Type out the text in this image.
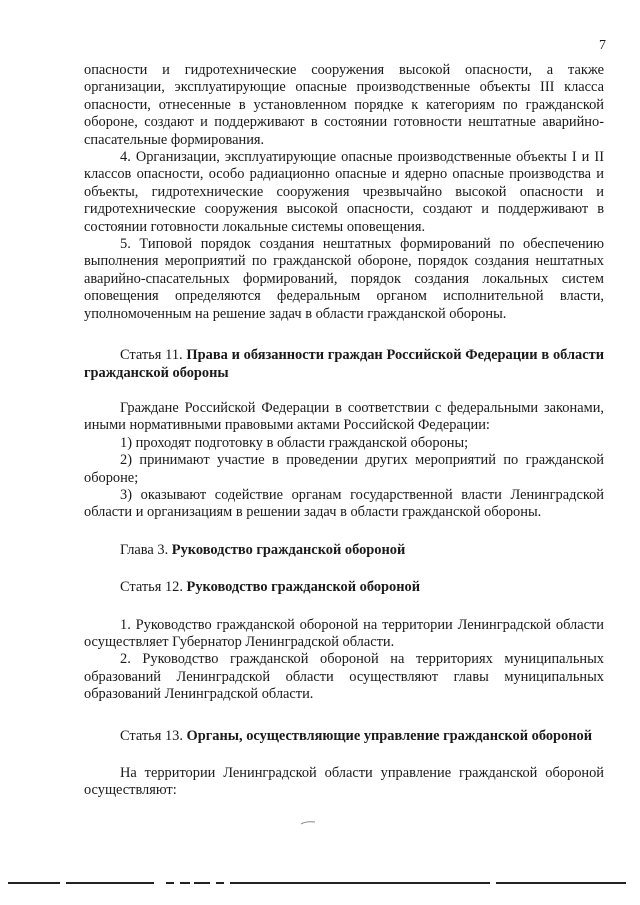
7

опасности и гидротехнические сооружения высокой опасности, а также организации, эксплуатирующие опасные производственные объекты III класса опасности, отнесенные в установленном порядке к категориям по гражданской обороне, создают и поддерживают в состоянии готовности нештатные аварийно-спасательные формирования.

4. Организации, эксплуатирующие опасные производственные объекты I и II классов опасности, особо радиационно опасные и ядерно опасные производства и объекты, гидротехнические сооружения чрезвычайно высокой опасности и гидротехнические сооружения высокой опасности, создают и поддерживают в состоянии готовности локальные системы оповещения.

5. Типовой порядок создания нештатных формирований по обеспечению выполнения мероприятий по гражданской обороне, порядок создания нештатных аварийно-спасательных формирований, порядок создания локальных систем оповещения определяются федеральным органом исполнительной власти, уполномоченным на решение задач в области гражданской обороны.

Статья 11. Права и обязанности граждан Российской Федерации в области гражданской обороны

Граждане Российской Федерации в соответствии с федеральными законами, иными нормативными правовыми актами Российской Федерации:

1) проходят подготовку в области гражданской обороны;

2) принимают участие в проведении других мероприятий по гражданской обороне;

3) оказывают содействие органам государственной власти Ленинградской области и организациям в решении задач в области гражданской обороны.

Глава 3. Руководство гражданской обороной

Статья 12. Руководство гражданской обороной

1. Руководство гражданской обороной на территории Ленинградской области осуществляет Губернатор Ленинградской области.

2. Руководство гражданской обороной на территориях муниципальных образований Ленинградской области осуществляют главы муниципальных образований Ленинградской области.

Статья 13. Органы, осуществляющие управление гражданской обороной

На территории Ленинградской области управление гражданской обороной осуществляют:
